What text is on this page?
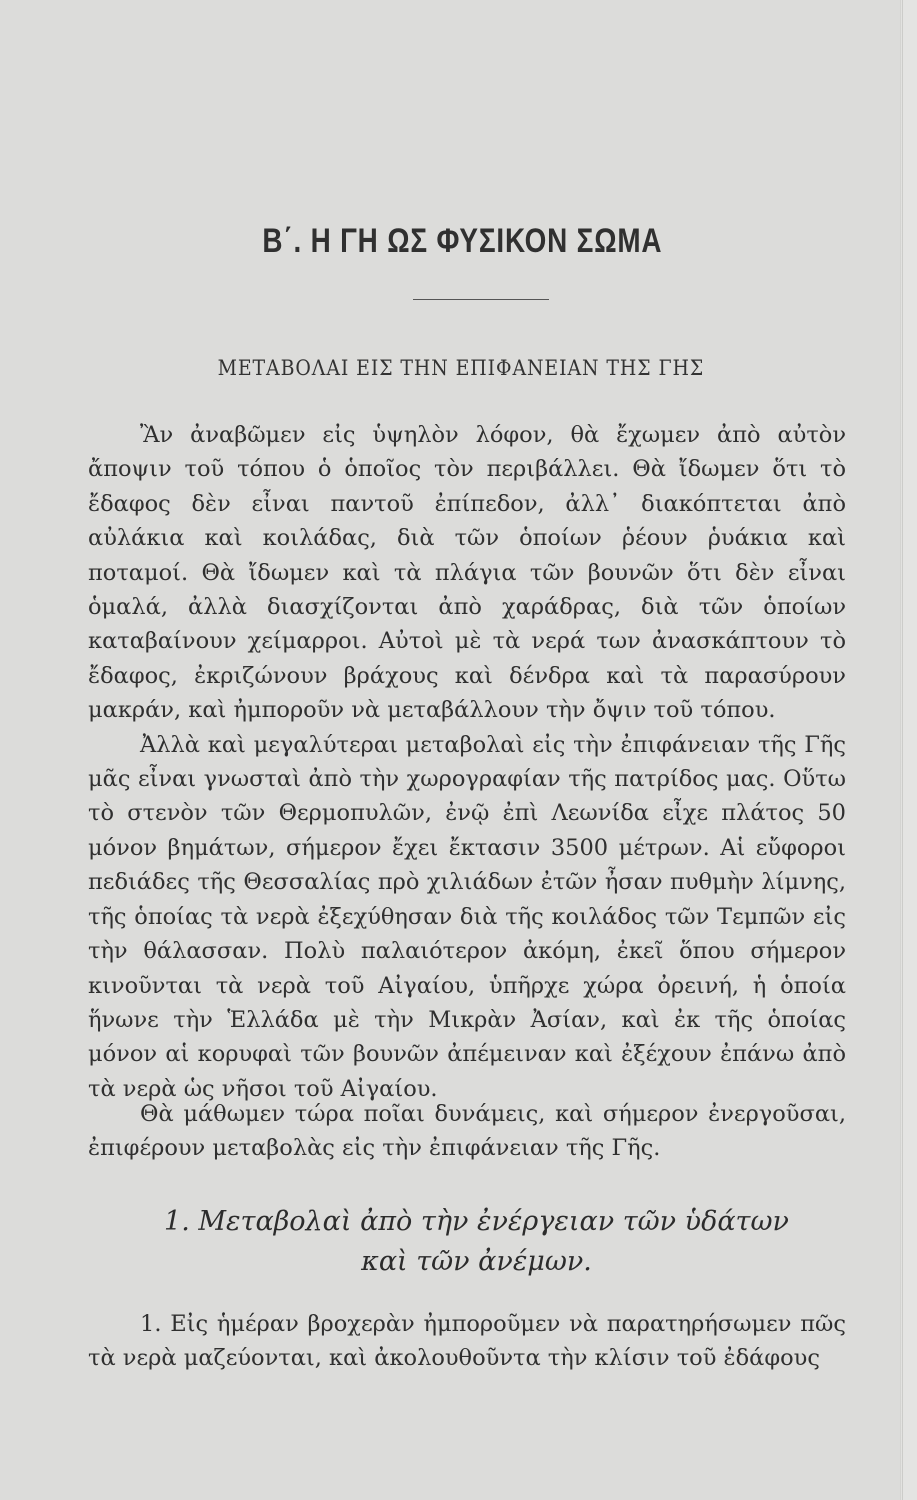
Β΄. Η ΓΗ ΩΣ ΦΥΣΙΚΟΝ ΣΩΜΑ
ΜΕΤΑΒΟΛΑΙ ΕΙΣ ΤΗΝ ΕΠΙΦΑΝΕΙΑΝ ΤΗΣ ΓΗΣ

Ἂν ἀναβῶμεν εἰς ὑψηλὸν λόφον, θὰ ἔχωμεν ἀπὸ αὐτὸν ἄποψιν τοῦ τόπου ὁ ὁποῖος τὸν περιβάλλει. Θὰ ἴδωμεν ὅτι τὸ ἔδαφος δὲν εἶναι παντοῦ ἐπίπεδον, ἀλλ᾽ διακόπτεται ἀπὸ αὐλάκια καὶ κοιλάδας, διὰ τῶν ὁποίων ῥέουν ῥυάκια καὶ ποταμοί. Θὰ ἴδωμεν καὶ τὰ πλάγια τῶν βουνῶν ὅτι δὲν εἶναι ὁμαλά, ἀλλὰ διασχίζονται ἀπὸ χαράδρας, διὰ τῶν ὁποίων καταβαίνουν χείμαρροι. Αὐτοὶ μὲ τὰ νερά των ἀνασκάπτουν τὸ ἔδαφος, ἐκριζώνουν βράχους καὶ δένδρα καὶ τὰ παρασύρουν μακράν, καὶ ἠμποροῦν νὰ μεταβάλλουν τὴν ὄψιν τοῦ τόπου.

Ἀλλὰ καὶ μεγαλύτεραι μεταβολαὶ εἰς τὴν ἐπιφάνειαν τῆς Γῆς μᾶς εἶναι γνωσταὶ ἀπὸ τὴν χωρογραφίαν τῆς πατρίδος μας. Οὕτω τὸ στενὸν τῶν Θερμοπυλῶν, ἐνῷ ἐπὶ Λεωνίδα εἶχε πλάτος 50 μόνον βημάτων, σήμερον ἔχει ἔκτασιν 3500 μέτρων. Αἱ εὔφοροι πεδιάδες τῆς Θεσσαλίας πρὸ χιλιάδων ἐτῶν ἦσαν πυθμὴν λίμνης, τῆς ὁποίας τὰ νερὰ ἐξεχύθησαν διὰ τῆς κοιλάδος τῶν Τεμπῶν εἰς τὴν θάλασσαν. Πολὺ παλαιότερον ἀκόμη, ἐκεῖ ὅπου σήμερον κινοῦνται τὰ νερὰ τοῦ Αἰγαίου, ὑπῆρχε χώρα ὀρεινή, ἡ ὁποία ἥνωνε τὴν Ἑλλάδα μὲ τὴν Μικρὰν Ἀσίαν, καὶ ἐκ τῆς ὁποίας μόνον αἱ κορυφαὶ τῶν βουνῶν ἀπέμειναν καὶ ἐξέχουν ἐπάνω ἀπὸ τὰ νερὰ ὡς νῆσοι τοῦ Αἰγαίου.

Θὰ μάθωμεν τώρα ποῖαι δυνάμεις, καὶ σήμερον ἐνεργοῦσαι, ἐπιφέρουν μεταβολὰς εἰς τὴν ἐπιφάνειαν τῆς Γῆς.

1. Μεταβολαὶ ἀπὸ τὴν ἐνέργειαν τῶν ὑδάτων
καὶ τῶν ἀνέμων.

1. Εἰς ἡμέραν βροχερὰν ἠμποροῦμεν νὰ παρατηρήσωμεν πῶς τὰ νερὰ μαζεύονται, καὶ ἀκολουθοῦντα τὴν κλίσιν τοῦ ἐδάφους
